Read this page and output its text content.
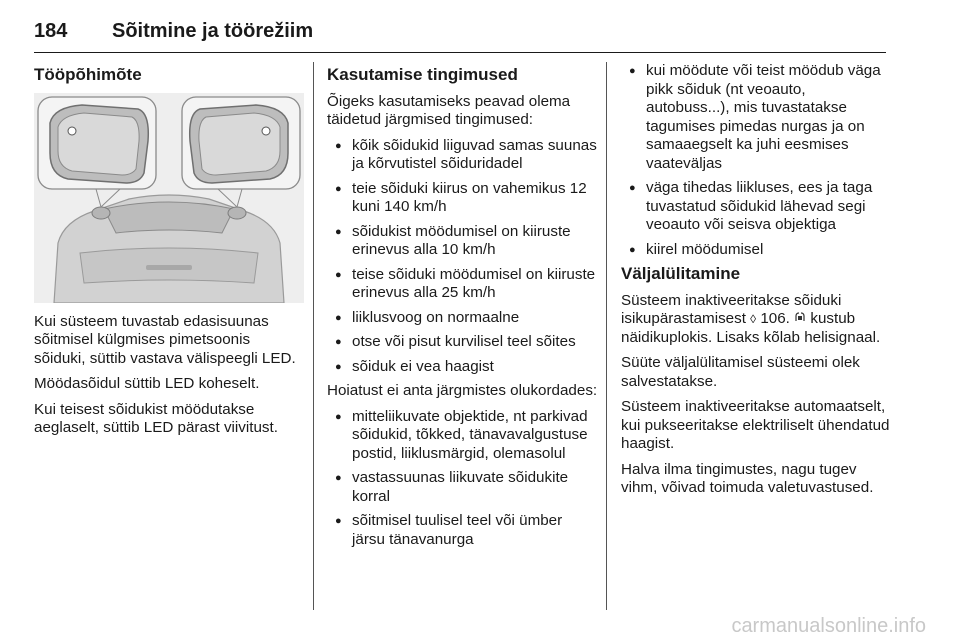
184 Sõitmine ja töörežiim
Tööpõhimõte

Kui süsteem tuvastab edasisuunas sõitmisel külgmises pimetsoonis sõiduki, süttib vastava välispeegli LED.

Möödasõidul süttib LED koheselt.

Kui teisest sõidukist möödutakse aeglaselt, süttib LED pärast viivitust.

Kasutamise tingimused

Õigeks kasutamiseks peavad olema täidetud järgmised tingimused:

● kõik sõidukid liiguvad samas suunas ja kõrvutistel sõiduridadel
● teie sõiduki kiirus on vahemikus 12 kuni 140 km/h
● sõidukist möödumisel on kiiruste erinevus alla 10 km/h
● teise sõiduki möödumisel on kiiruste erinevus alla 25 km/h
● liiklusvoog on normaalne
● otse või pisut kurvilisel teel sõites
● sõiduk ei vea haagist

Hoiatust ei anta järgmistes olukordades:

● mitteliikuvate objektide, nt parkivad sõidukid, tõkked, tänavavalgustuse postid, liiklusmärgid, olemasolul
● vastassuunas liikuvate sõidukite korral
● sõitmisel tuulisel teel või ümber järsu tänavanurga
● kui möödute või teist möödub väga pikk sõiduk (nt veoauto, autobuss...), mis tuvastatakse tagumises pimedas nurgas ja on samaaegselt ka juhi eesmises vaateväljas
● väga tihedas liikluses, ees ja taga tuvastatud sõidukid lähevad segi veoauto või seisva objektiga
● kiirel möödumisel
Väljalülitamine

Süsteem inaktiveeritakse sõiduki isikupärastamisest ◊ 106. kustub näidikuplokis. Lisaks kõlab helisignaal.

Süüte väljalülitamisel süsteemi olek salvestatakse.

Süsteem inaktiveeritakse automaatselt, kui pukseeritakse elektriliselt ühendatud haagist.

Halva ilma tingimustes, nagu tugev vihm, võivad toimuda valetuvastused.

carmanualsonline.info
